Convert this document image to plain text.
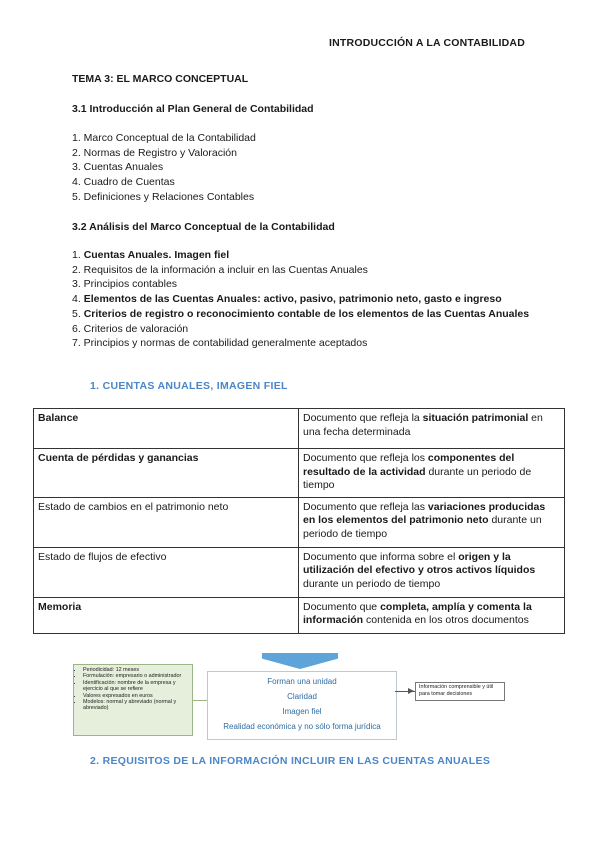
INTRODUCCIÓN A LA CONTABILIDAD
TEMA 3: EL MARCO CONCEPTUAL
3.1 Introducción al Plan General de Contabilidad
1. Marco Conceptual de la Contabilidad
2. Normas de Registro y Valoración
3. Cuentas Anuales
4. Cuadro de Cuentas
5. Definiciones y Relaciones Contables
3.2 Análisis del Marco Conceptual de la Contabilidad
1. Cuentas Anuales. Imagen fiel
2. Requisitos de la información a incluir en las Cuentas Anuales
3. Principios contables
4. Elementos de las Cuentas Anuales: activo, pasivo, patrimonio neto, gasto e ingreso
5. Criterios de registro o reconocimiento contable de los elementos de las Cuentas Anuales
6. Criterios de valoración
7. Principios y normas de contabilidad generalmente aceptados
1. CUENTAS ANUALES, IMAGEN FIEL
Balance	Documento que refleja la situación patrimonial en una fecha determinada
Cuenta de pérdidas y ganancias	Documento que refleja los componentes del resultado de la actividad durante un periodo de tiempo
Estado de cambios en el patrimonio neto	Documento que refleja las variaciones producidas en los elementos del patrimonio neto durante un periodo de tiempo
Estado de flujos de efectivo	Documento que informa sobre el origen y la utilización del efectivo y otros activos líquidos durante un periodo de tiempo
Memoria	Documento que completa, amplía y comenta la información contenida en los otros documentos
• Periodicidad: 12 meses
• Formulación: empresario o administrador
• Identificación: nombre de la empresa y ejercicio al que se refiere
• Valores expresados en euros
• Modelos: normal y abreviado (normal y abreviado)
Forman una unidad
Claridad
Imagen fiel
Realidad económica y no sólo forma jurídica
Información comprensible y útil para tomar decisiones
2. REQUISITOS DE LA INFORMACIÓN INCLUIR EN LAS CUENTAS ANUALES
